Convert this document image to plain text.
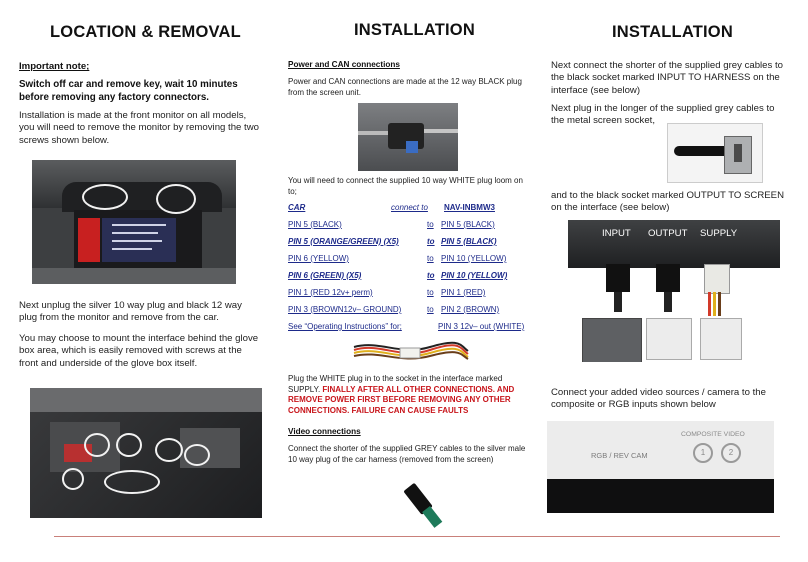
LOCATION & REMOVAL
Important note;
Switch off car and remove key, wait 10 minutes before removing any factory connectors.
Installation is made at the front monitor on all models, you will need to remove the monitor by removing the two screws shown below.
Next unplug the silver 10 way plug and black 12 way plug from the monitor and remove from the car.
You may choose to mount the interface behind the glove box area, which is easily removed with screws at the front and underside of the glove box itself.
INSTALLATION
Power and CAN connections
Power and CAN connections are made at the 12 way BLACK plug from the screen unit.
You will need to connect the supplied 10 way WHITE plug loom on to;
CAR	connect to NAV-INBMW3
PIN 5 (BLACK)	to PIN 5 (BLACK)
PIN 5 (ORANGE/GREEN) (X5)	to PIN 5 (BLACK)
PIN 6 (YELLOW)	to PIN 10 (YELLOW)
PIN 6 (GREEN) (X5)	to PIN 10 (YELLOW)
PIN 1 (RED 12v+ perm)	to PIN 1 (RED)
PIN 3 (BROWN12v– GROUND)	to PIN 2 (BROWN)
See “Operating Instructions” for;	PIN 3 12v– out (WHITE)
Plug the WHITE plug in to the socket in the interface marked SUPPLY. FINALLY AFTER ALL OTHER CONNECTIONS. AND REMOVE POWER FIRST BEFORE REMOVING ANY OTHER CONNECTIONS. FAILURE CAN CAUSE FAULTS
Video connections
Connect the shorter of the supplied GREY cables to the silver male 10 way plug of the car harness (removed from the screen)
INSTALLATION
Next connect the shorter of the supplied grey cables to the black socket marked INPUT TO HARNESS on the interface (see below)
Next plug in the longer of the supplied grey cables to the metal screen socket,
and to the black socket marked OUTPUT TO SCREEN on the interface (see below)
INPUT OUTPUT SUPPLY
Connect your added video sources / camera to the composite or RGB inputs shown below
RGB / REV CAM
COMPOSITE VIDEO
1	2
